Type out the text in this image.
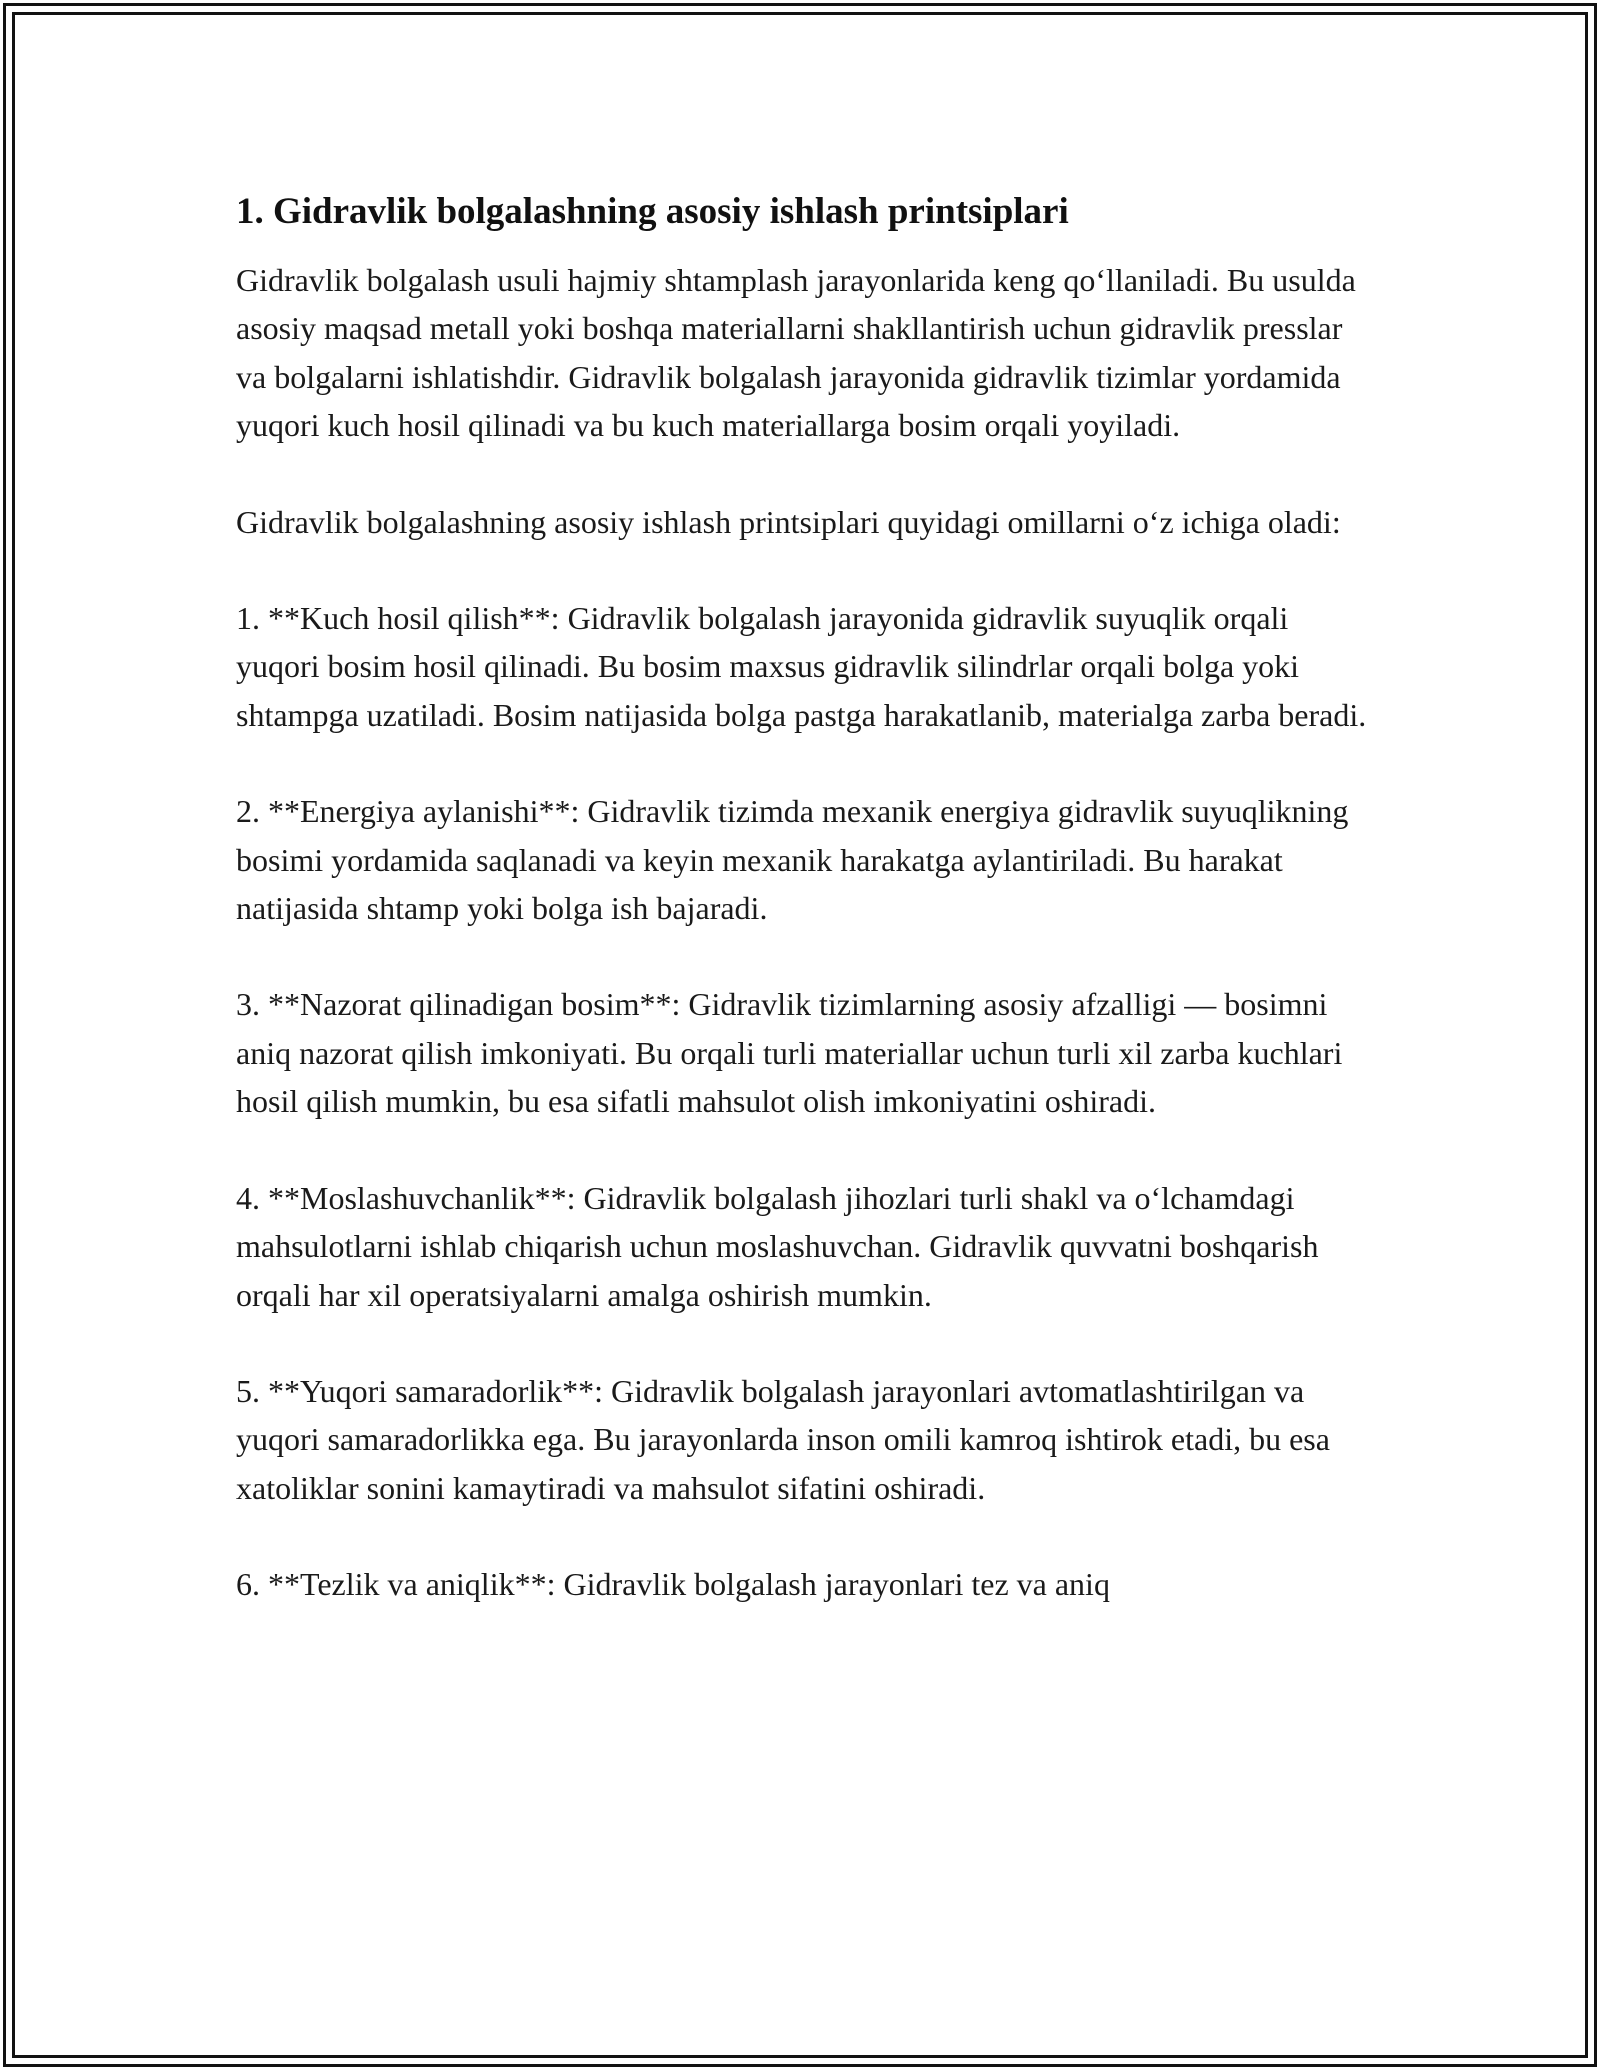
1. Gidravlik bolgalashning asosiy ishlash printsiplari

Gidravlik bolgalash usuli hajmiy shtamplash jarayonlarida keng qo‘llaniladi. Bu usulda asosiy maqsad metall yoki boshqa materiallarni shakllantirish uchun gidravlik presslar va bolgalarni ishlatishdir. Gidravlik bolgalash jarayonida gidravlik tizimlar yordamida yuqori kuch hosil qilinadi va bu kuch materiallarga bosim orqali yoyiladi.

Gidravlik bolgalashning asosiy ishlash printsiplari quyidagi omillarni o‘z ichiga oladi:

1. **Kuch hosil qilish**: Gidravlik bolgalash jarayonida gidravlik suyuqlik orqali yuqori bosim hosil qilinadi. Bu bosim maxsus gidravlik silindrlar orqali bolga yoki shtampga uzatiladi. Bosim natijasida bolga pastga harakatlanib, materialga zarba beradi.

2. **Energiya aylanishi**: Gidravlik tizimda mexanik energiya gidravlik suyuqlikning bosimi yordamida saqlanadi va keyin mexanik harakatga aylantiriladi. Bu harakat natijasida shtamp yoki bolga ish bajaradi.

3. **Nazorat qilinadigan bosim**: Gidravlik tizimlarning asosiy afzalligi — bosimni aniq nazorat qilish imkoniyati. Bu orqali turli materiallar uchun turli xil zarba kuchlari hosil qilish mumkin, bu esa sifatli mahsulot olish imkoniyatini oshiradi.

4. **Moslashuvchanlik**: Gidravlik bolgalash jihozlari turli shakl va o‘lchamdagi mahsulotlarni ishlab chiqarish uchun moslashuvchan. Gidravlik quvvatni boshqarish orqali har xil operatsiyalarni amalga oshirish mumkin.

5. **Yuqori samaradorlik**: Gidravlik bolgalash jarayonlari avtomatlashtirilgan va yuqori samaradorlikka ega. Bu jarayonlarda inson omili kamroq ishtirok etadi, bu esa xatoliklar sonini kamaytiradi va mahsulot sifatini oshiradi.

6. **Tezlik va aniqlik**: Gidravlik bolgalash jarayonlari tez va aniq
